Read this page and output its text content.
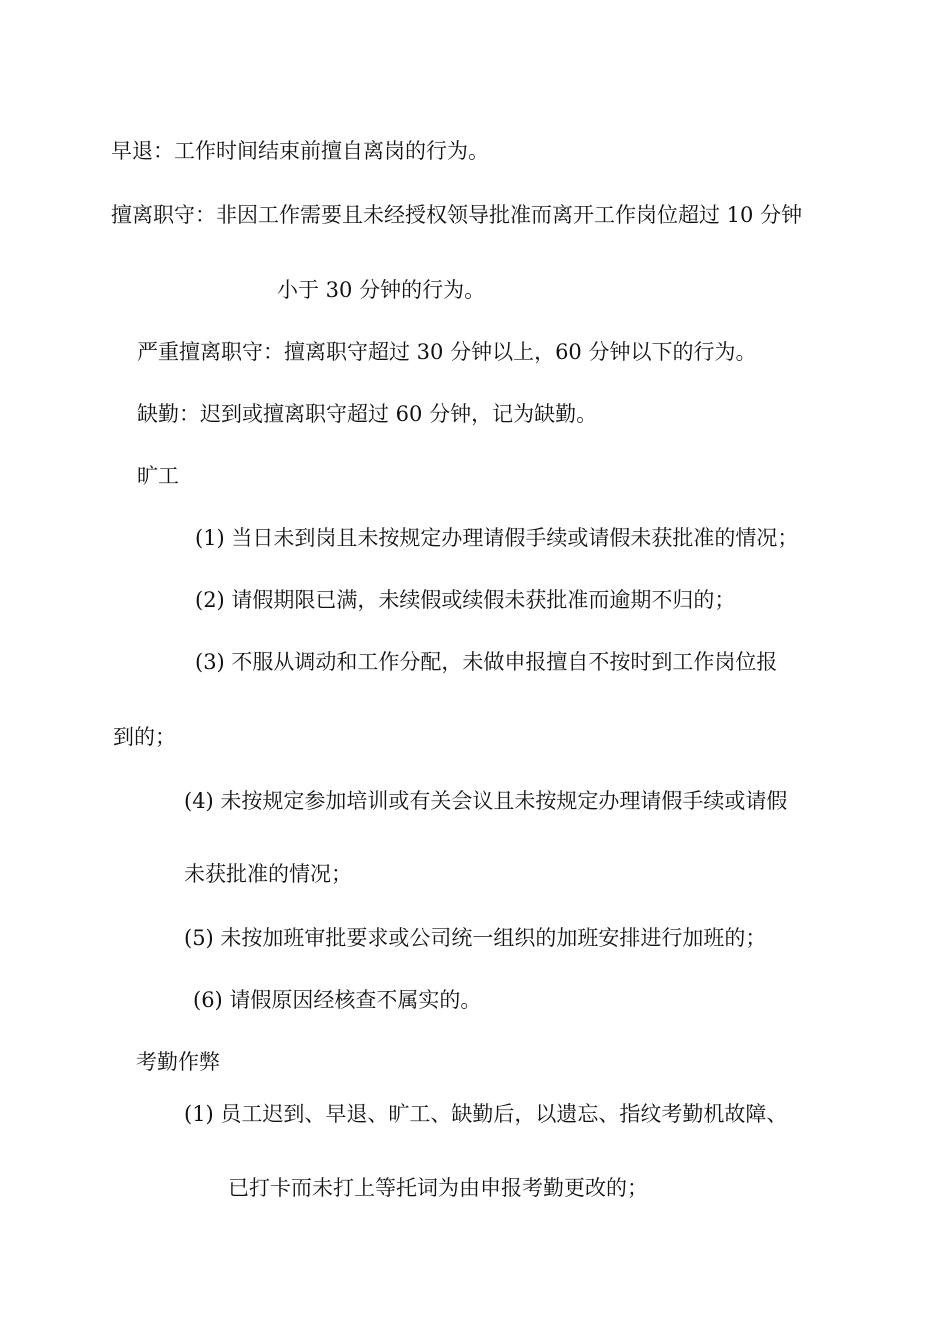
早退：工作时间结束前擅自离岗的行为。
擅离职守：非因工作需要且未经授权领导批准而离开工作岗位超过 10 分钟
小于 30 分钟的行为。
严重擅离职守：擅离职守超过 30 分钟以上，60 分钟以下的行为。
缺勤：迟到或擅离职守超过 60 分钟，记为缺勤。
旷工
(1) 当日未到岗且未按规定办理请假手续或请假未获批准的情况；
(2) 请假期限已满，未续假或续假未获批准而逾期不归的；
(3) 不服从调动和工作分配，未做申报擅自不按时到工作岗位报
到的；
(4) 未按规定参加培训或有关会议且未按规定办理请假手续或请假
未获批准的情况；
(5) 未按加班审批要求或公司统一组织的加班安排进行加班的；
(6) 请假原因经核查不属实的。
考勤作弊
(1) 员工迟到、早退、旷工、缺勤后，以遗忘、指纹考勤机故障、
已打卡而未打上等托词为由申报考勤更改的；
